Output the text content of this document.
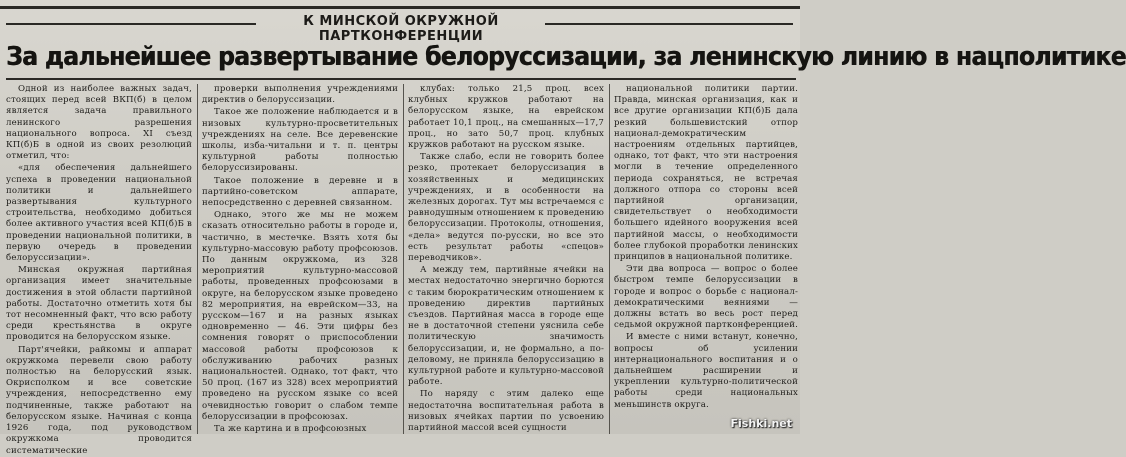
К МИНСКОЙ ОКРУЖНОЙ ПАРТКОНФЕРЕНЦИИ
За дальнейшее развертывание белоруссизации, за ленинскую линию в нацполитике

Одной из наиболее важных задач, стоящих перед всей ВКП(б) в целом является задача правильного ленинского разрешения национального вопроса. XI съезд КП(б)Б в одной из своих резолюций отметил, что:

«для обеспечения дальнейшего успеха в проведении национальной политики и дальнейшего развертывания культурного строительства, необходимо добиться более активного участия всей КП(б)Б в проведении национальной политики, в первую очередь в проведении белоруссизации».

Минская окружная партийная организация имеет значительные достижения в этой области партийной работы. Достаточно отметить хотя бы тот несомненный факт, что всю работу среди крестьянства в округе проводится на белорусском языке.

Парт'ячейки, райкомы и аппарат окружкома перевели свою работу полностью на белорусский язык. Окрисполком и все советские учреждения, непосредственно ему подчиненные, также работают на белорусском языке. Начиная с конца 1926 года, под руководством окружкома проводится систематические

проверки выполнения учреждениями директив о белоруссизации.

Такое же положение наблюдается и в низовых культурно-просветительных учреждениях на селе. Все деревенские школы, изба-читальни и т. п. центры культурной работы полностью белоруссизированы.

Такое положение в деревне и в партийно-советском аппарате, непосредственно с деревней связанном.

Однако, этого же мы не можем сказать относительно работы в городе и, частично, в местечке. Взять хотя бы культурно-массовую работу профсоюзов. По данным окружкома, из 328 мероприятий культурно-массовой работы, проведенных профсоюзами в округе, на белорусском языке проведено 82 мероприятия, на еврейском—33, на русском—167 и на разных языках одновременно — 46. Эти цифры без сомнения говорят о приспособлении массовой работы профсоюзов к обслуживанию рабочих разных национальностей. Однако, тот факт, что 50 проц. (167 из 328) всех мероприятий проведено на русском языке со всей очевидностью говорит о слабом темпе белоруссизации в профсоюзах.

Та же картина и в профсоюзных

клубах: только 21,5 проц. всех клубных кружков работают на белорусском языке, на еврейском работает 10,1 проц., на смешанных—17,7 проц., но зато 50,7 проц. клубных кружков работают на русском языке.

Также слабо, если не говорить более резко, протекает белоруссизация в хозяйственных и медицинских учреждениях, и в особенности на железных дорогах. Тут мы встречаемся с равнодушным отношением к проведению белоруссизации. Протоколы, отношения, «дела» ведутся по-русски, но все это есть результат работы «спецов» переводчиков».

А между тем, партийные ячейки на местах недостаточно энергично борются с таким бюрократическим отношением к проведению директив партийных съездов. Партийная масса в городе еще не в достаточной степени уяснила себе политическую значимость белоруссизации, и, не формально, а по-деловому, не приняла белоруссизацию в культурной работе и культурно-массовой работе.

По наряду с этим далеко еще недостаточна воспитательная работа в низовых ячейках партии по усвоению партийной массой всей сущности

национальной политики партии. Правда, минская организация, как и все другие организации КП(б)Б дала резкий большевистский отпор национал-демократическим настроениям отдельных партийцев, однако, тот факт, что эти настроения могли в течение определенного периода сохраняться, не встречая должного отпора со стороны всей партийной организации, свидетельствует о необходимости большего идейного вооружения всей партийной массы, о необходимости более глубокой проработки ленинских принципов в национальной политике.

Эти два вопроса — вопрос о более быстром темпе белоруссизации в городе и вопрос о борьбе с национал-демократическими веяниями — должны встать во весь рост перед седьмой окружной партконференцией.

И вместе с ними встанут, конечно, вопросы об усилении интернационального воспитания и о дальнейшем расширении и укреплении культурно-политической работы среди национальных меньшинств округа.

Fishki.net
